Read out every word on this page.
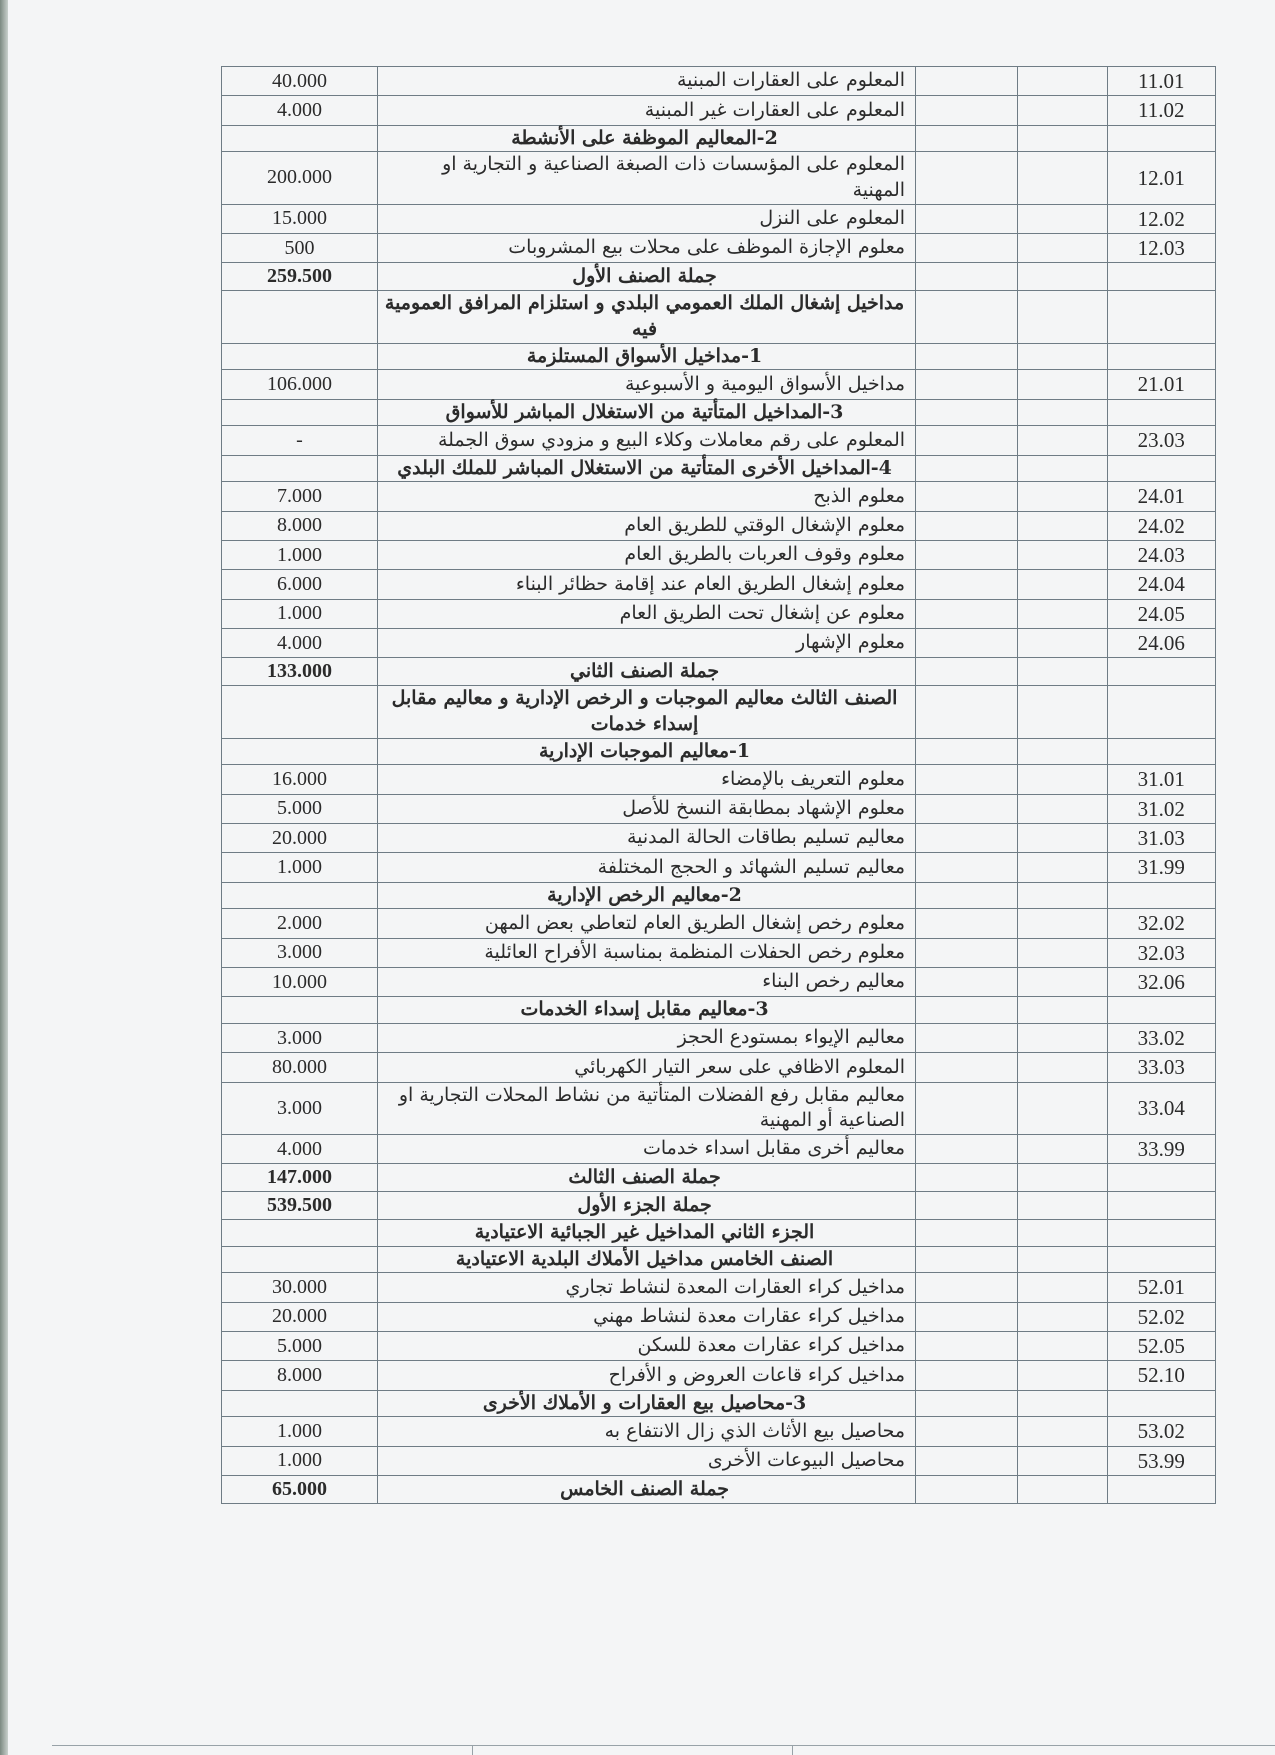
40.000	المعلوم على العقارات المبنية			11.01
4.000	المعلوم على العقارات غير المبنية			11.02
	2-المعاليم الموظفة على الأنشطة			
200.000	المعلوم على المؤسسات ذات الصبغة الصناعية و التجارية او المهنية			12.01
15.000	المعلوم على النزل			12.02
500	معلوم الإجازة الموظف على محلات بيع المشروبات			12.03
259.500	جملة الصنف الأول			
	مداخيل إشغال الملك العمومي البلدي و استلزام المرافق العمومية فيه			
	1-مداخيل الأسواق المستلزمة			
106.000	مداخيل الأسواق اليومية و الأسبوعية			21.01
	3-المداخيل المتأتية من الاستغلال المباشر للأسواق			
-	المعلوم على رقم معاملات وكلاء البيع و مزودي سوق الجملة			23.03
	4-المداخيل الأخرى المتأتية من الاستغلال المباشر للملك البلدي			
7.000	معلوم الذبح			24.01
8.000	معلوم الإشغال الوقتي للطريق العام			24.02
1.000	معلوم وقوف العربات بالطريق العام			24.03
6.000	معلوم إشغال الطريق العام عند إقامة حظائر البناء			24.04
1.000	معلوم عن إشغال تحت الطريق العام			24.05
4.000	معلوم الإشهار			24.06
133.000	جملة الصنف الثاني			
	الصنف الثالث معاليم الموجبات و الرخص الإدارية و معاليم مقابل إسداء خدمات			
	1-معاليم الموجبات الإدارية			
16.000	معلوم التعريف بالإمضاء			31.01
5.000	معلوم الإشهاد بمطابقة النسخ للأصل			31.02
20.000	معاليم تسليم بطاقات الحالة المدنية			31.03
1.000	معاليم تسليم الشهائد و الحجج المختلفة			31.99
	2-معاليم الرخص الإدارية			
2.000	معلوم رخص إشغال الطريق العام لتعاطي بعض المهن			32.02
3.000	معلوم رخص الحفلات المنظمة بمناسبة الأفراح العائلية			32.03
10.000	معاليم رخص البناء			32.06
	3-معاليم مقابل إسداء الخدمات			
3.000	معاليم الإيواء بمستودع الحجز			33.02
80.000	المعلوم الاظافي على سعر التيار الكهربائي			33.03
3.000	معاليم مقابل رفع الفضلات المتأتية من نشاط المحلات التجارية او الصناعية أو المهنية			33.04
4.000	معاليم أخرى مقابل اسداء خدمات			33.99
147.000	جملة الصنف الثالث			
539.500	جملة الجزء الأول			
	الجزء الثاني المداخيل غير الجبائية الاعتيادية			
	الصنف الخامس مداخيل الأملاك البلدية الاعتيادية			
30.000	مداخيل كراء العقارات المعدة لنشاط تجاري			52.01
20.000	مداخيل كراء عقارات معدة لنشاط مهني			52.02
5.000	مداخيل كراء عقارات معدة للسكن			52.05
8.000	مداخيل كراء قاعات العروض و الأفراح			52.10
	3-محاصيل بيع العقارات و الأملاك الأخرى			
1.000	محاصيل بيع الأثاث الذي زال الانتفاع به			53.02
1.000	محاصيل البيوعات الأخرى			53.99
65.000	جملة الصنف الخامس			
